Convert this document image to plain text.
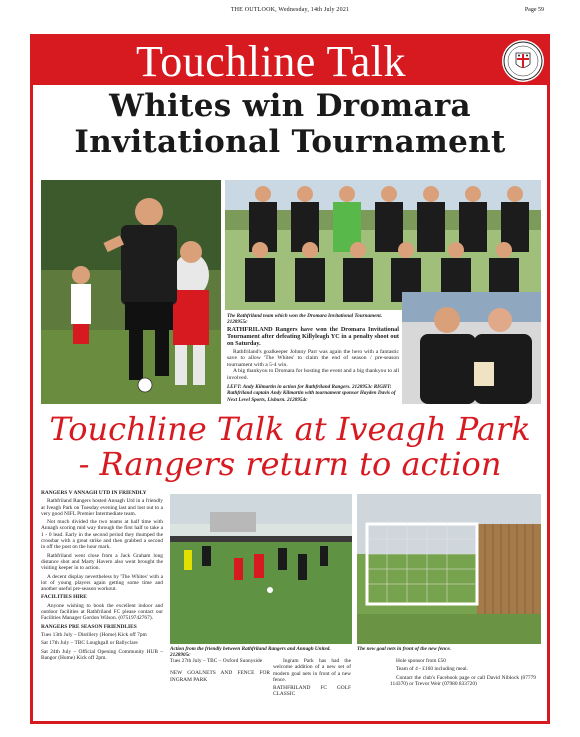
THE OUTLOOK, Wednesday, 14th July 2021	Page 59
Touchline Talk
Whites win Dromara
Invitational Tournament
The Rathfriland team which won the Dromara Invitational Tournament. 2128955c

RATHFRILAND Rangers have won the Dromara Invitational Tournament after defeating Killyleagh YC in a penalty shoot out on Saturday.

Rathfriland's goalkeeper Johnny Parr was again the hero with a fantastic save to allow 'The Whites' to claim the end of season / pre-season tournament with a 5-4 win.

A big thankyou to Dromara for hosting the event and a big thankyou to all involved.

LEFT: Andy Kilmartin in action for Rathfriland Rangers. 2128953c RIGHT: Rathfriland captain Andy Kilmartin with tournament sponsor Hayden Davis of Next Level Sports, Lisburn. 2128954c
Touchline Talk at Iveagh Park
- Rangers return to action

RANGERS V ANNAGH UTD IN FRIENDLY

Rathfriland Rangers hosted Annagh Utd in a friendly at Iveagh Park on Tuesday evening last and lost out to a very good NIFL Premier Intermediate team.

Not much divided the two teams at half time with Annagh scoring mid way through the first half to take a 1 - 0 lead. Early in the second period they thumped the crossbar with a great strike and then grabbed a second in off the post on the hour mark.

Rathfriland went close from a Jack Graham long distance shot and Marty Havern also went brought the visiting keeper in to action.

A decent display nevertheless by 'The Whites' with a lot of young players again getting some time and another useful pre-season workout.

FACILITIES HIRE

Anyone wishing to book the excellent indoor and outdoor facilities at Rathfriland FC please contact our Facilities Manager Gordon Wilson. (07519742767).

RANGERS PRE SEASON FRIENDLIES

Tues 13th July – Distillery (Home) Kick off 7pm

Sat 17th July – TBC Loughgall or Ballyclare

Sat 24th July – Official Opening Community HUB – Bangor (Home) Kick off 2pm.

Action from the friendly between Rathfriland Rangers and Annagh United. 2128905c
The new goal nets in front of the new fence.

Tues 27th July – TBC – Oxford Sunnyside

NEW GOALNETS AND FENCE FOR INGRAM PARK

Ingram Park has had the welcome addition of a new set of modern goal nets in front of a new fence.

RATHFRILAND FC GOLF CLASSIC

Hole sponsor from £50

Team of 4 - £160 including meal.

Contact the club's Facebook page or call David Niblock (07779 114370) or Trevor Weir (07980 833720)
